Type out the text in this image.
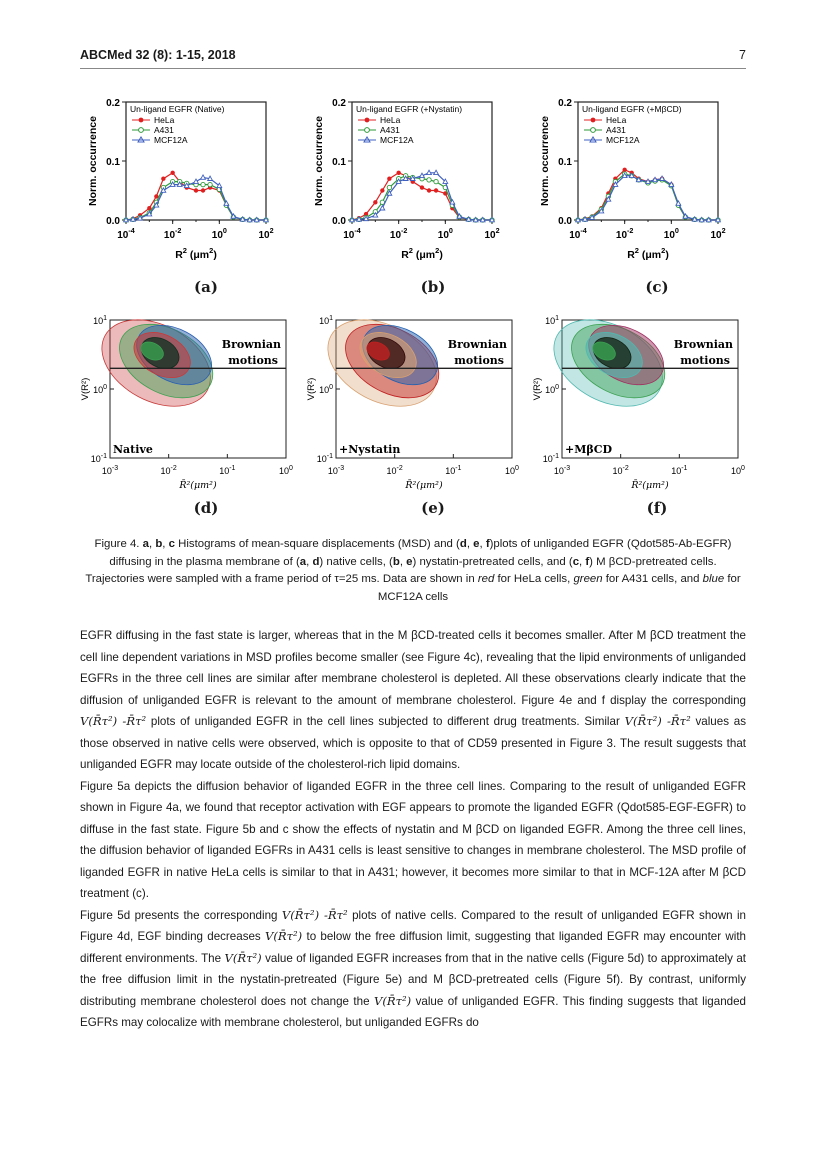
ABCMed 32 (8): 1-15, 2018	7
0.2
0.1
0.0
$10^{-4}$	$10^{-2}$	$10^0$	$10^2$
Norm. occurrence
$R^2$ $(\mu m^2)$
Un-ligand EGFR (Native)
HeLa
A431
MCF12A
0.2
0.1
0.0
$10^{-4}$	$10^{-2}$	$10^0$	$10^2$
Norm. occurrence
$R^2$ $(\mu m^2)$
Un-ligand EGFR (+Nystatin)
HeLa
A431
MCF12A
0.2
0.1
0.0
$10^{-4}$	$10^{-2}$	$10^0$	$10^2$
Norm. occurrence
$R^2$ $(\mu m^2)$
Un-ligand EGFR (+MβCD)
HeLa
A431
MCF12A
(a)	(b)	(c)
Brownian
motions
Native
$10^1$
$10^0$
$10^{-1}$
$10^{-3}$	$10^{-2}$	$10^{-1}$	$10^0$
V(R²)
R̄²(μm²)
Brownian
motions
+Nystatin
$10^1$
$10^0$
$10^{-1}$
$10^{-3}$	$10^{-2}$	$10^{-1}$	$10^0$
V(R²)
R̄²(μm²)
Brownian
motions
+MβCD
$10^1$
$10^0$
$10^{-1}$
$10^{-3}$	$10^{-2}$	$10^{-1}$	$10^0$
V(R²)
R̄²(μm²)
(d)	(e)	(f)
Figure 4. a, b, c Histograms of mean-square displacements (MSD) and (d, e, f)plots of unliganded EGFR (Qdot585-Ab-EGFR) diffusing in the plasma membrane of (a, d) native cells, (b, e) nystatin-pretreated cells, and (c, f) M βCD-pretreated cells. Trajectories were sampled with a frame period of τ=25 ms. Data are shown in red for HeLa cells, green for A431 cells, and blue for MCF12A cells

EGFR diffusing in the fast state is larger, whereas that in the M βCD-treated cells it becomes smaller. After M βCD treatment the cell line dependent variations in MSD profiles become smaller (see Figure 4c), revealing that the lipid environments of unliganded EGFRs in the three cell lines are similar after membrane cholesterol is depleted. All these observations clearly indicate that the diffusion of unliganded EGFR is relevant to the amount of membrane cholesterol. Figure 4e and f display the corresponding V(R̄τ²) -R̄τ² plots of unliganded EGFR in the cell lines subjected to different drug treatments. Similar V(R̄τ²) -R̄τ² values as those observed in native cells were observed, which is opposite to that of CD59 presented in Figure 3. The result suggests that unliganded EGFR may locate outside of the cholesterol-rich lipid domains.

Figure 5a depicts the diffusion behavior of liganded EGFR in the three cell lines. Comparing to the result of unliganded EGFR shown in Figure 4a, we found that receptor activation with EGF appears to promote the liganded EGFR (Qdot585-EGF-EGFR) to diffuse in the fast state. Figure 5b and c show the effects of nystatin and M βCD on liganded EGFR. Among the three cell lines, the diffusion behavior of liganded EGFRs in A431 cells is least sensitive to changes in membrane cholesterol. The MSD profile of liganded EGFR in native HeLa cells is similar to that in A431; however, it becomes more similar to that in MCF-12A after M βCD treatment (c).

Figure 5d presents the corresponding V(R̄τ²) -R̄τ² plots of native cells. Compared to the result of unliganded EGFR shown in Figure 4d, EGF binding decreases V(R̄τ²) to below the free diffusion limit, suggesting that liganded EGFR may encounter with different environments. The V(R̄τ²) value of liganded EGFR increases from that in the native cells (Figure 5d) to approximately at the free diffusion limit in the nystatin-pretreated (Figure 5e) and M βCD-pretreated cells (Figure 5f). By contrast, uniformly distributing membrane cholesterol does not change the V(R̄τ²) value of unliganded EGFR. This finding suggests that liganded EGFRs may colocalize with membrane cholesterol, but unliganded EGFRs do
